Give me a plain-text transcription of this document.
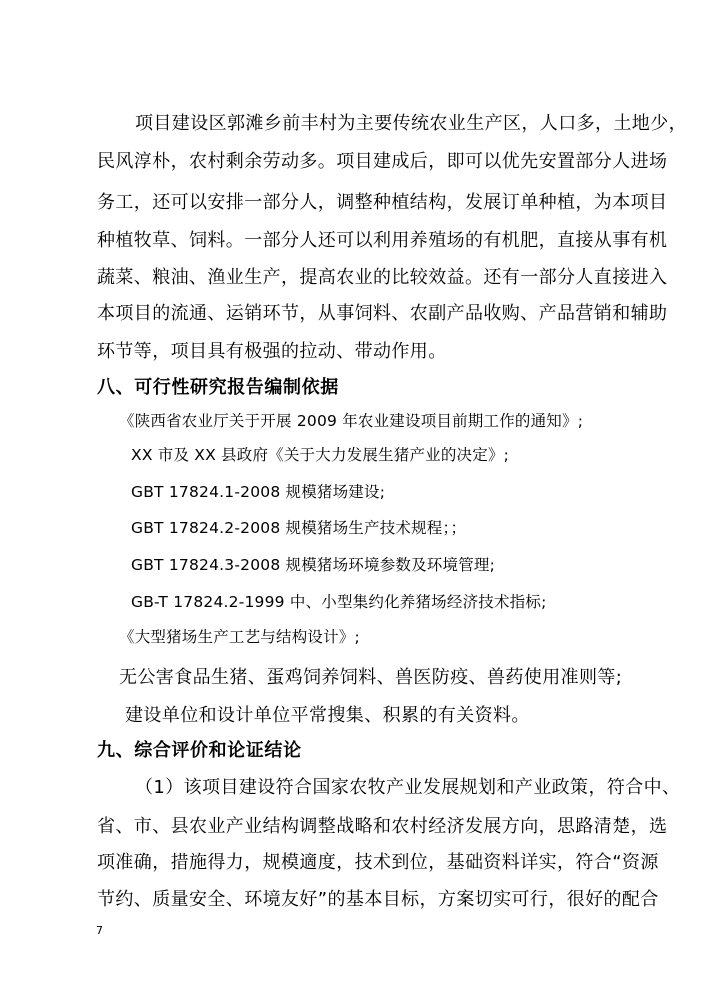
项目建设区郭滩乡前丰村为主要传统农业生产区，人口多，土地少，
民风淳朴，农村剩余劳动多。项目建成后，即可以优先安置部分人进场
务工，还可以安排一部分人，调整种植结构，发展订单种植，为本项目
种植牧草、饲料。一部分人还可以利用养殖场的有机肥，直接从事有机
蔬菜、粮油、渔业生产，提高农业的比较效益。还有一部分人直接进入
本项目的流通、运销环节，从事饲料、农副产品收购、产品营销和辅助
环节等，项目具有极强的拉动、带动作用。
八、可行性研究报告编制依据
《陕西省农业厅关于开展 2009 年农业建设项目前期工作的通知》;
XX 市及 XX 县政府《关于大力发展生猪产业的决定》;
GBT 17824.1-2008 规模猪场建设;
GBT 17824.2-2008 规模猪场生产技术规程；；
GBT 17824.3-2008 规模猪场环境参数及环境管理;
GB-T 17824.2-1999 中、小型集约化养猪场经济技术指标;
《大型猪场生产工艺与结构设计》;
无公害食品生猪、蛋鸡饲养饲料、兽医防疫、兽药使用准则等;
建设单位和设计单位平常搜集、积累的有关资料。
九、综合评价和论证结论
（1）该项目建设符合国家农牧产业发展规划和产业政策，符合中、
省、市、县农业产业结构调整战略和农村经济发展方向，思路清楚，选
项准确，措施得力，规模適度，技术到位，基础资料详实，符合“资源
节约、质量安全、环境友好”的基本目标，方案切实可行，很好的配合
7
